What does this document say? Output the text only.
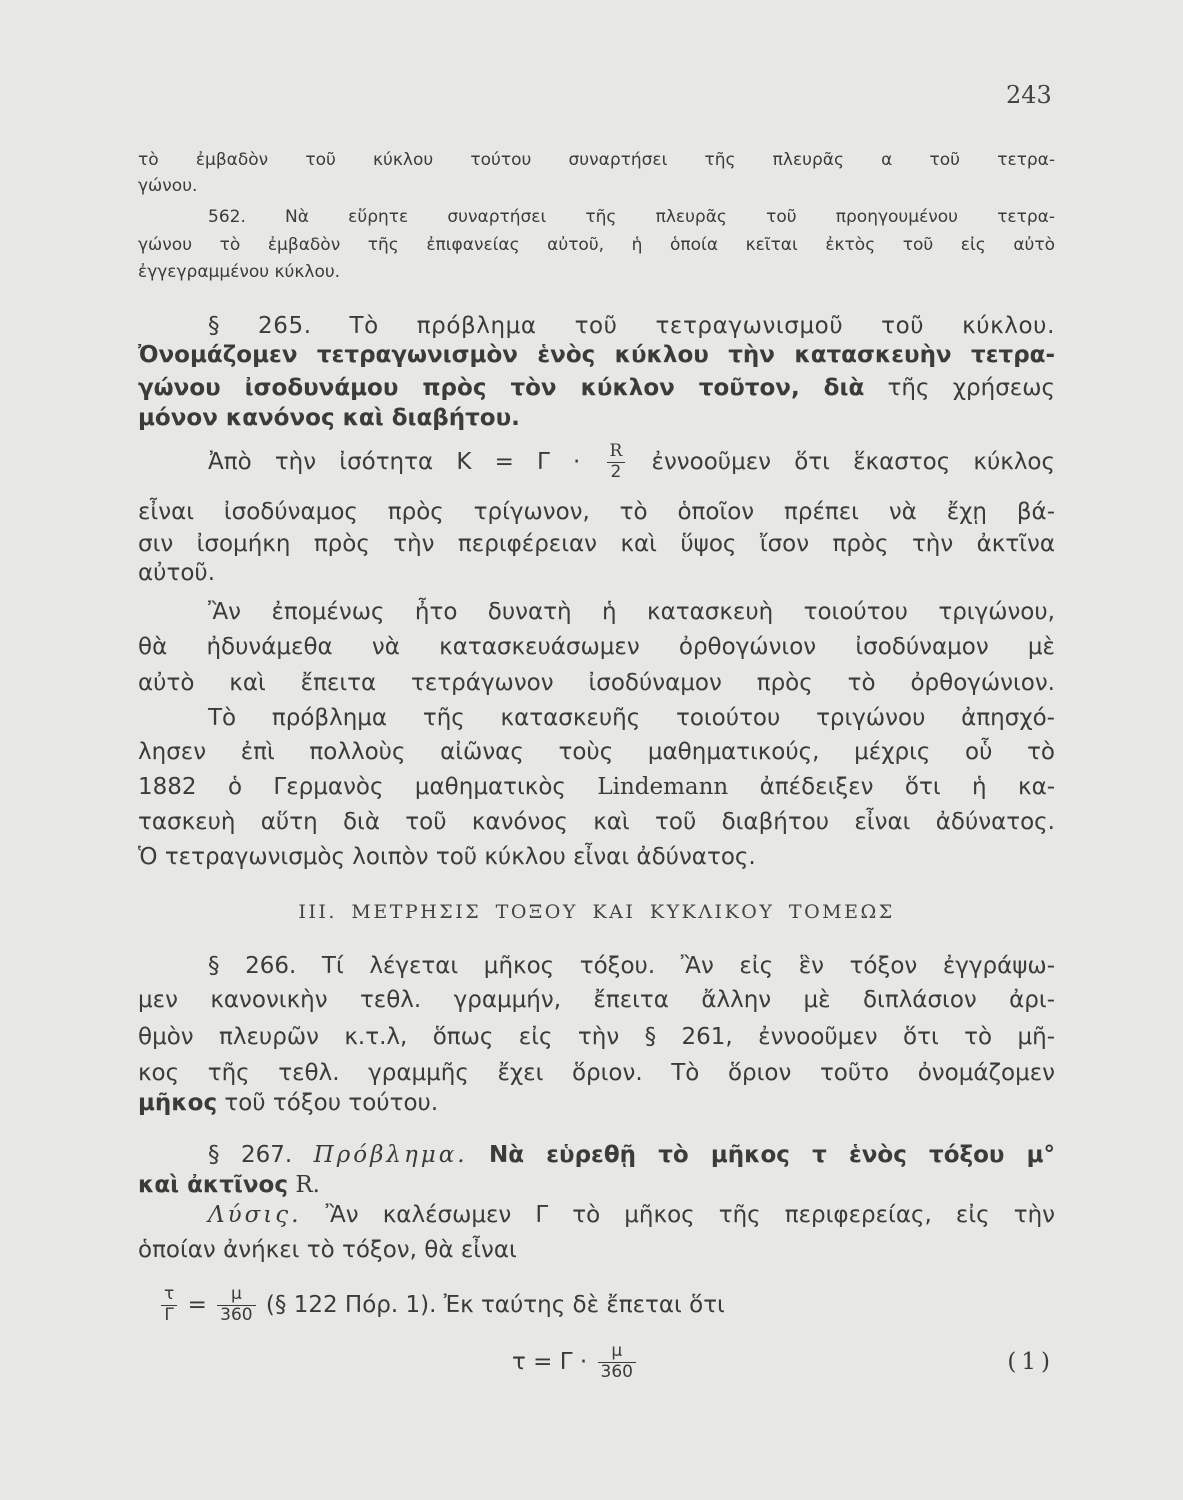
243
τὸ ἐμβαδὸν τοῦ κύκλου τούτου συναρτήσει τῆς πλευρᾶς α τοῦ τετρα-
γώνου.
562. Νὰ εὕρητε συναρτήσει τῆς πλευρᾶς τοῦ προηγουμένου τετρα-
γώνου τὸ ἐμβαδὸν τῆς ἐπιφανείας αὐτοῦ, ἡ ὁποία κεῖται ἐκτὸς τοῦ εἰς αὐτὸ
ἐγγεγραμμένου κύκλου.
§ 265. Τὸ πρόβλημα τοῦ τετραγωνισμοῦ τοῦ κύκλου.
Ὀνομάζομεν τετραγωνισμὸν ἑνὸς κύκλου τὴν κατασκευὴν τετρα-
γώνου ἰσοδυνάμου πρὸς τὸν κύκλον τοῦτον, διὰ τῆς χρήσεως
μόνον κανόνος καὶ διαβήτου.
Ἀπὸ τὴν ἰσότητα $K = \Gamma \cdot \frac{R}{2}$ ἐννοοῦμεν ὅτι ἕκαστος κύκλος
εἶναι ἰσοδύναμος πρὸς τρίγωνον, τὸ ὁποῖον πρέπει νὰ ἔχῃ βά-
σιν ἰσομήκη πρὸς τὴν περιφέρειαν καὶ ὕψος ἴσον πρὸς τὴν ἀκτῖνα
αὐτοῦ.
Ἂν ἐπομένως ἦτο δυνατὴ ἡ κατασκευὴ τοιούτου τριγώνου,
θὰ ἠδυνάμεθα νὰ κατασκευάσωμεν ὀρθογώνιον ἰσοδύναμον μὲ
αὐτὸ καὶ ἔπειτα τετράγωνον ἰσοδύναμον πρὸς τὸ ὀρθογώνιον.
Τὸ πρόβλημα τῆς κατασκευῆς τοιούτου τριγώνου ἀπησχό-
λησεν ἐπὶ πολλοὺς αἰῶνας τοὺς μαθηματικούς, μέχρις οὗ τὸ
1882 ὁ Γερμανὸς μαθηματικὸς Lindemann ἀπέδειξεν ὅτι ἡ κα-
τασκευὴ αὕτη διὰ τοῦ κανόνος καὶ τοῦ διαβήτου εἶναι ἀδύνατος.
Ὁ τετραγωνισμὸς λοιπὸν τοῦ κύκλου εἶναι ἀδύνατος.
III. ΜΕΤΡΗΣΙΣ ΤΟΞΟΥ ΚΑΙ ΚΥΚΛΙΚΟΥ ΤΟΜΕΩΣ
§ 266. Τί λέγεται μῆκος τόξου. Ἂν εἰς ἓν τόξον ἐγγράψω-
μεν κανονικὴν τεθλ. γραμμήν, ἔπειτα ἄλλην μὲ διπλάσιον ἀρι-
θμὸν πλευρῶν κ.τ.λ, ὅπως εἰς τὴν § 261, ἐννοοῦμεν ὅτι τὸ μῆ-
κος τῆς τεθλ. γραμμῆς ἔχει ὅριον. Τὸ ὅριον τοῦτο ὀνομάζομεν
μῆκος τοῦ τόξου τούτου.
§ 267. Πρόβλημα. Νὰ εὑρεθῇ τὸ μῆκος τ ἑνὸς τόξου μ°
καὶ ἀκτῖνος R.
Λύσις. Ἂν καλέσωμεν Γ τὸ μῆκος τῆς περιφερείας, εἰς τὴν
ὁποίαν ἀνήκει τὸ τόξον, θὰ εἶναι
$\frac{\tau}{\Gamma} = \frac{\mu}{360}$ (§ 122 Πόρ. 1). Ἐκ ταύτης δὲ ἔπεται ὅτι
$\tau = \Gamma \cdot \frac{\mu}{360}$	(1)
